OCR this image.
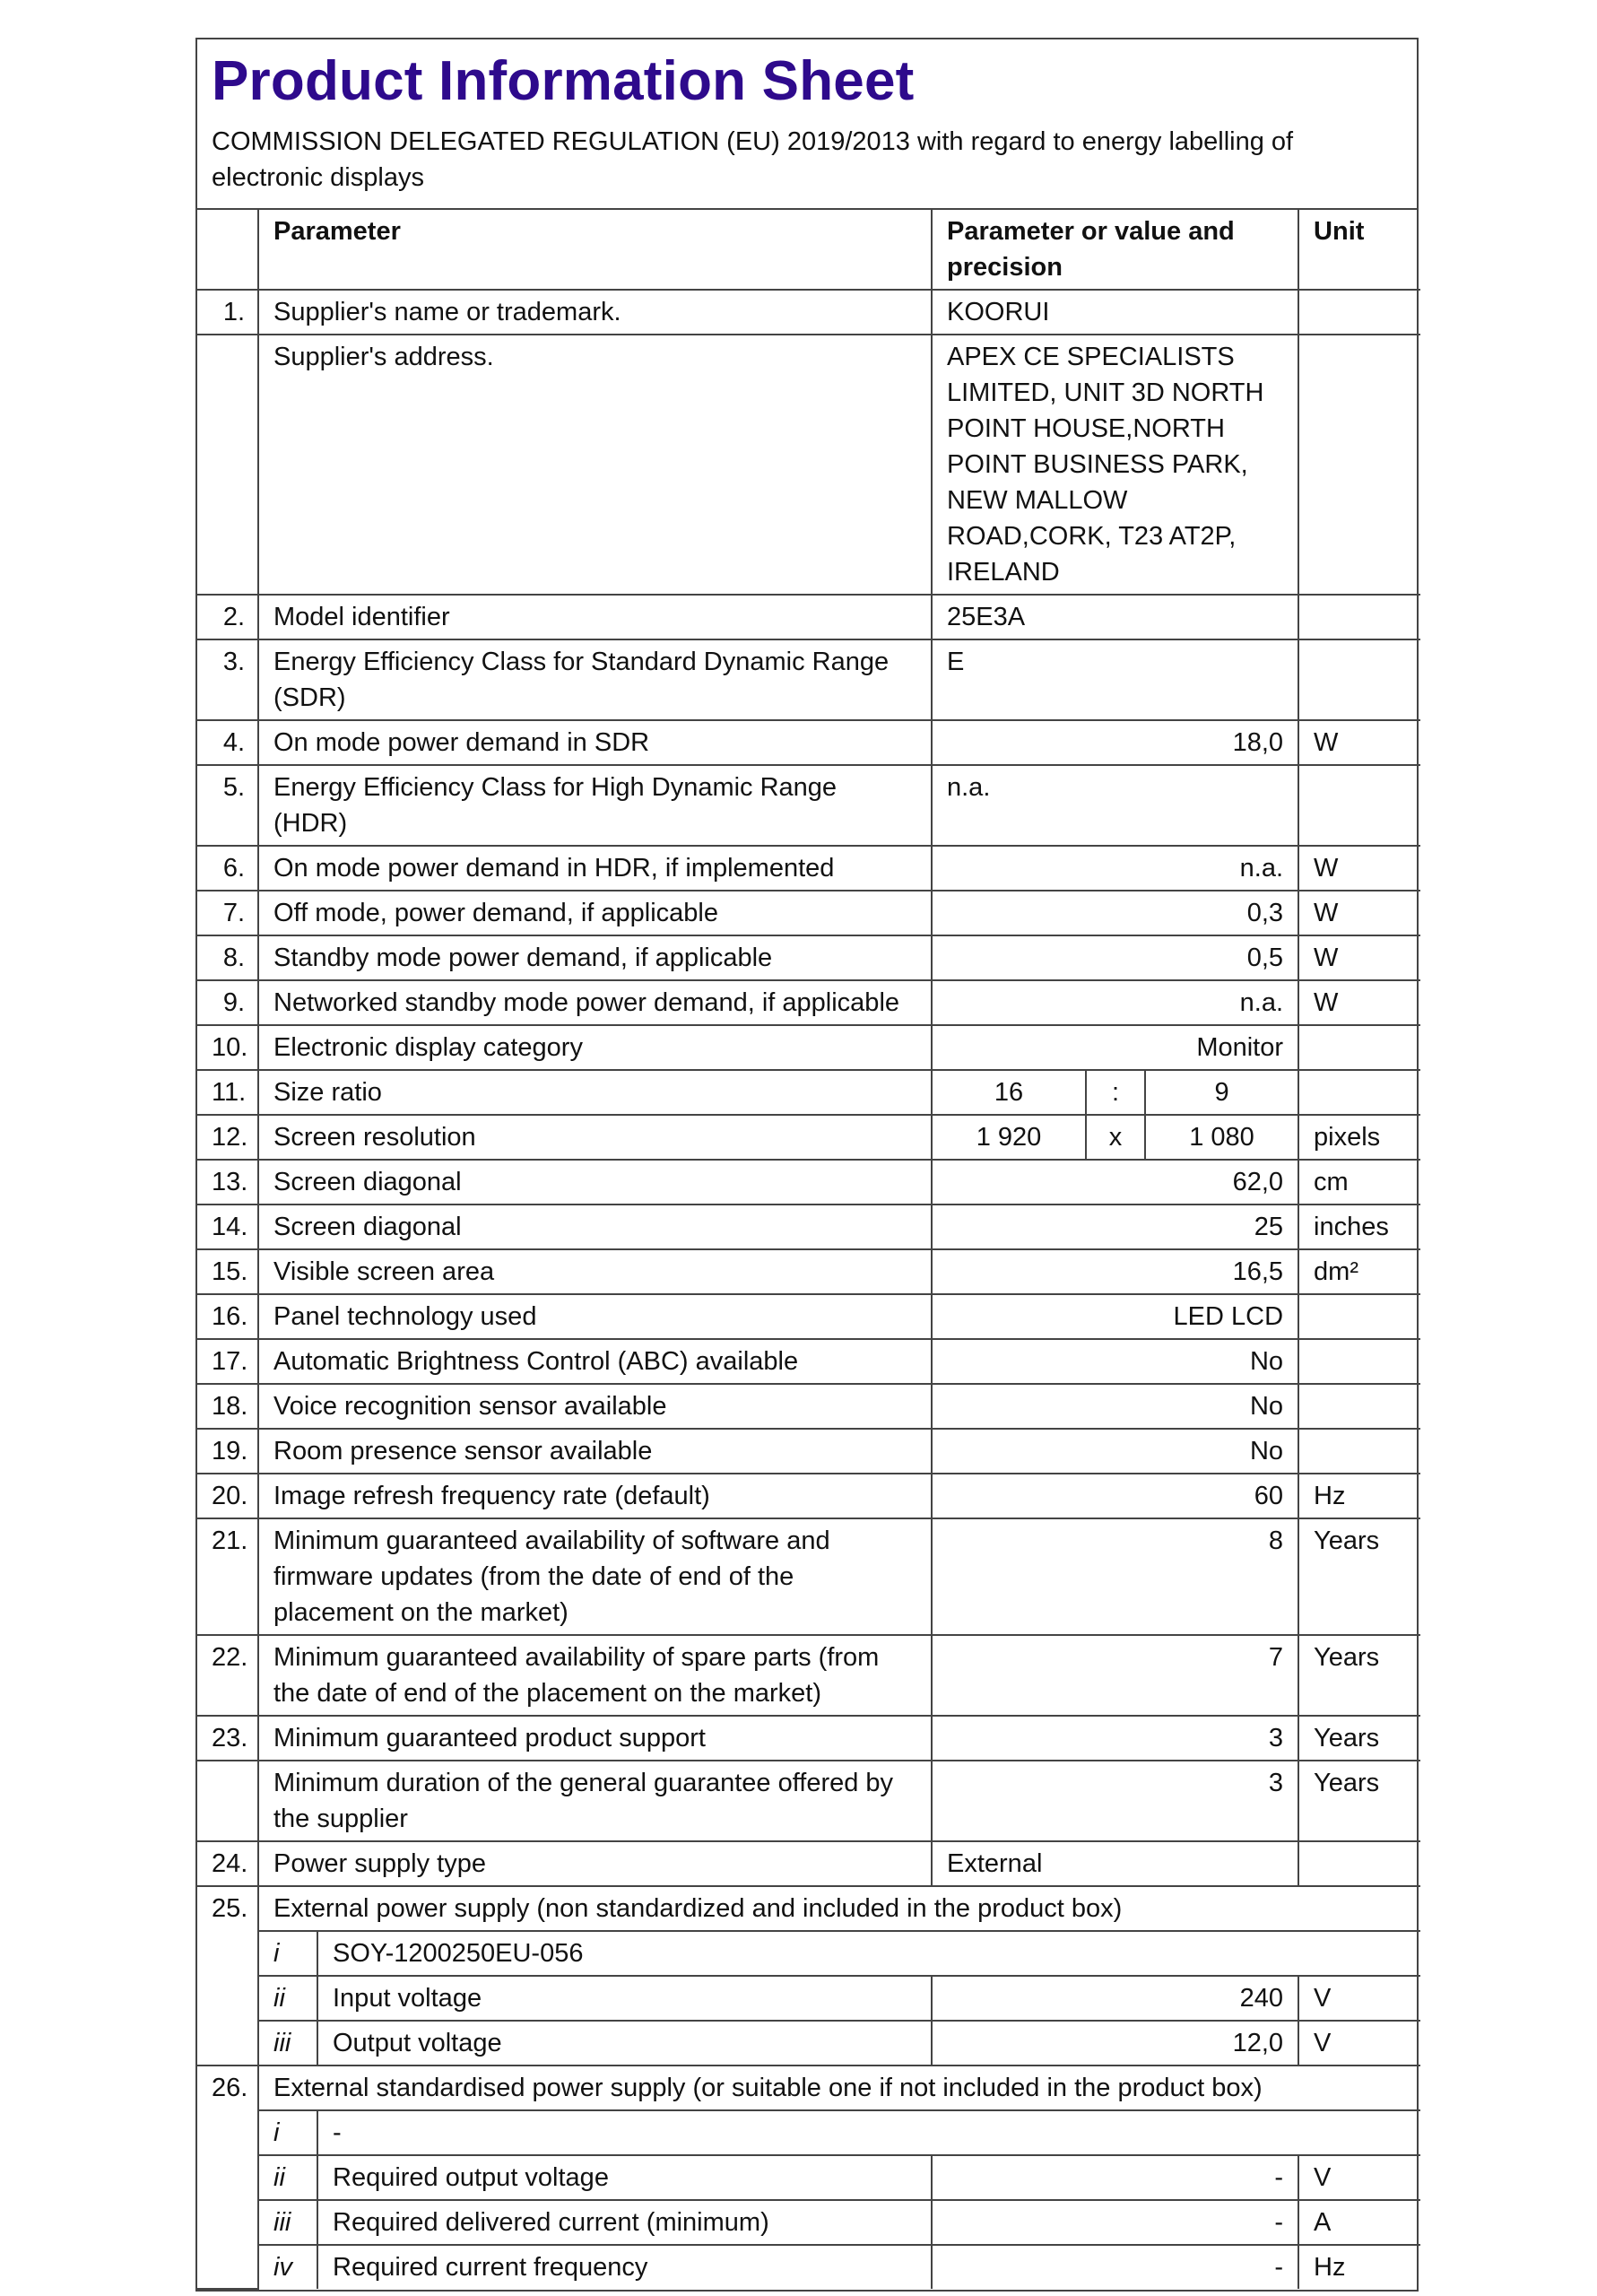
Product Information Sheet
COMMISSION DELEGATED REGULATION (EU) 2019/2013 with regard to energy labelling of electronic displays
	Parameter		Parameter or value and precision			Unit
1.	Supplier's name or trademark.		KOORUI			
	Supplier's address.		APEX CE SPECIALISTS LIMITED, UNIT 3D NORTH POINT HOUSE,NORTH POINT BUSINESS PARK, NEW MALLOW ROAD,CORK, T23 AT2P, IRELAND			
2.	Model identifier		25E3A			
3.	Energy Efficiency Class for Standard Dynamic Range (SDR)		E			
4.	On mode power demand in SDR		18,0			W
5.	Energy Efficiency Class for High Dynamic Range (HDR)		n.a.			
6.	On mode power demand in HDR, if implemented		n.a.			W
7.	Off mode, power demand, if applicable		0,3			W
8.	Standby mode power demand, if applicable		0,5			W
9.	Networked standby mode power demand, if applicable		n.a.			W
10.	Electronic display category		Monitor			
11.	Size ratio		16	:	9	
12.	Screen resolution		1 920	x	1 080	pixels
13.	Screen diagonal		62,0			cm
14.	Screen diagonal		25			inches
15.	Visible screen area		16,5			dm²
16.	Panel technology used		LED LCD			
17.	Automatic Brightness Control (ABC) available		No			
18.	Voice recognition sensor available		No			
19.	Room presence sensor available		No			
20.	Image refresh frequency rate (default)		60			Hz
21.	Minimum guaranteed availability of software and firmware updates (from the date of end of the placement on the market)		8			Years
22.	Minimum guaranteed availability of spare parts (from the date of end of the placement on the market)		7			Years
23.	Minimum guaranteed product support		3			Years
	Minimum duration of the general guarantee offered by the supplier		3			Years
24.	Power supply type		External			
25.	External power supply (non standardized and included in the product box)					
	i	SOY-1200250EU-056				
	ii	Input voltage	240			V
	iii	Output voltage	12,0			V
26.	External standardised power supply (or suitable one if not included in the product box)					
	i	-				
	ii	Required output voltage	-			V
	iii	Required delivered current (minimum)	-			A
	iv	Required current frequency	-			Hz
